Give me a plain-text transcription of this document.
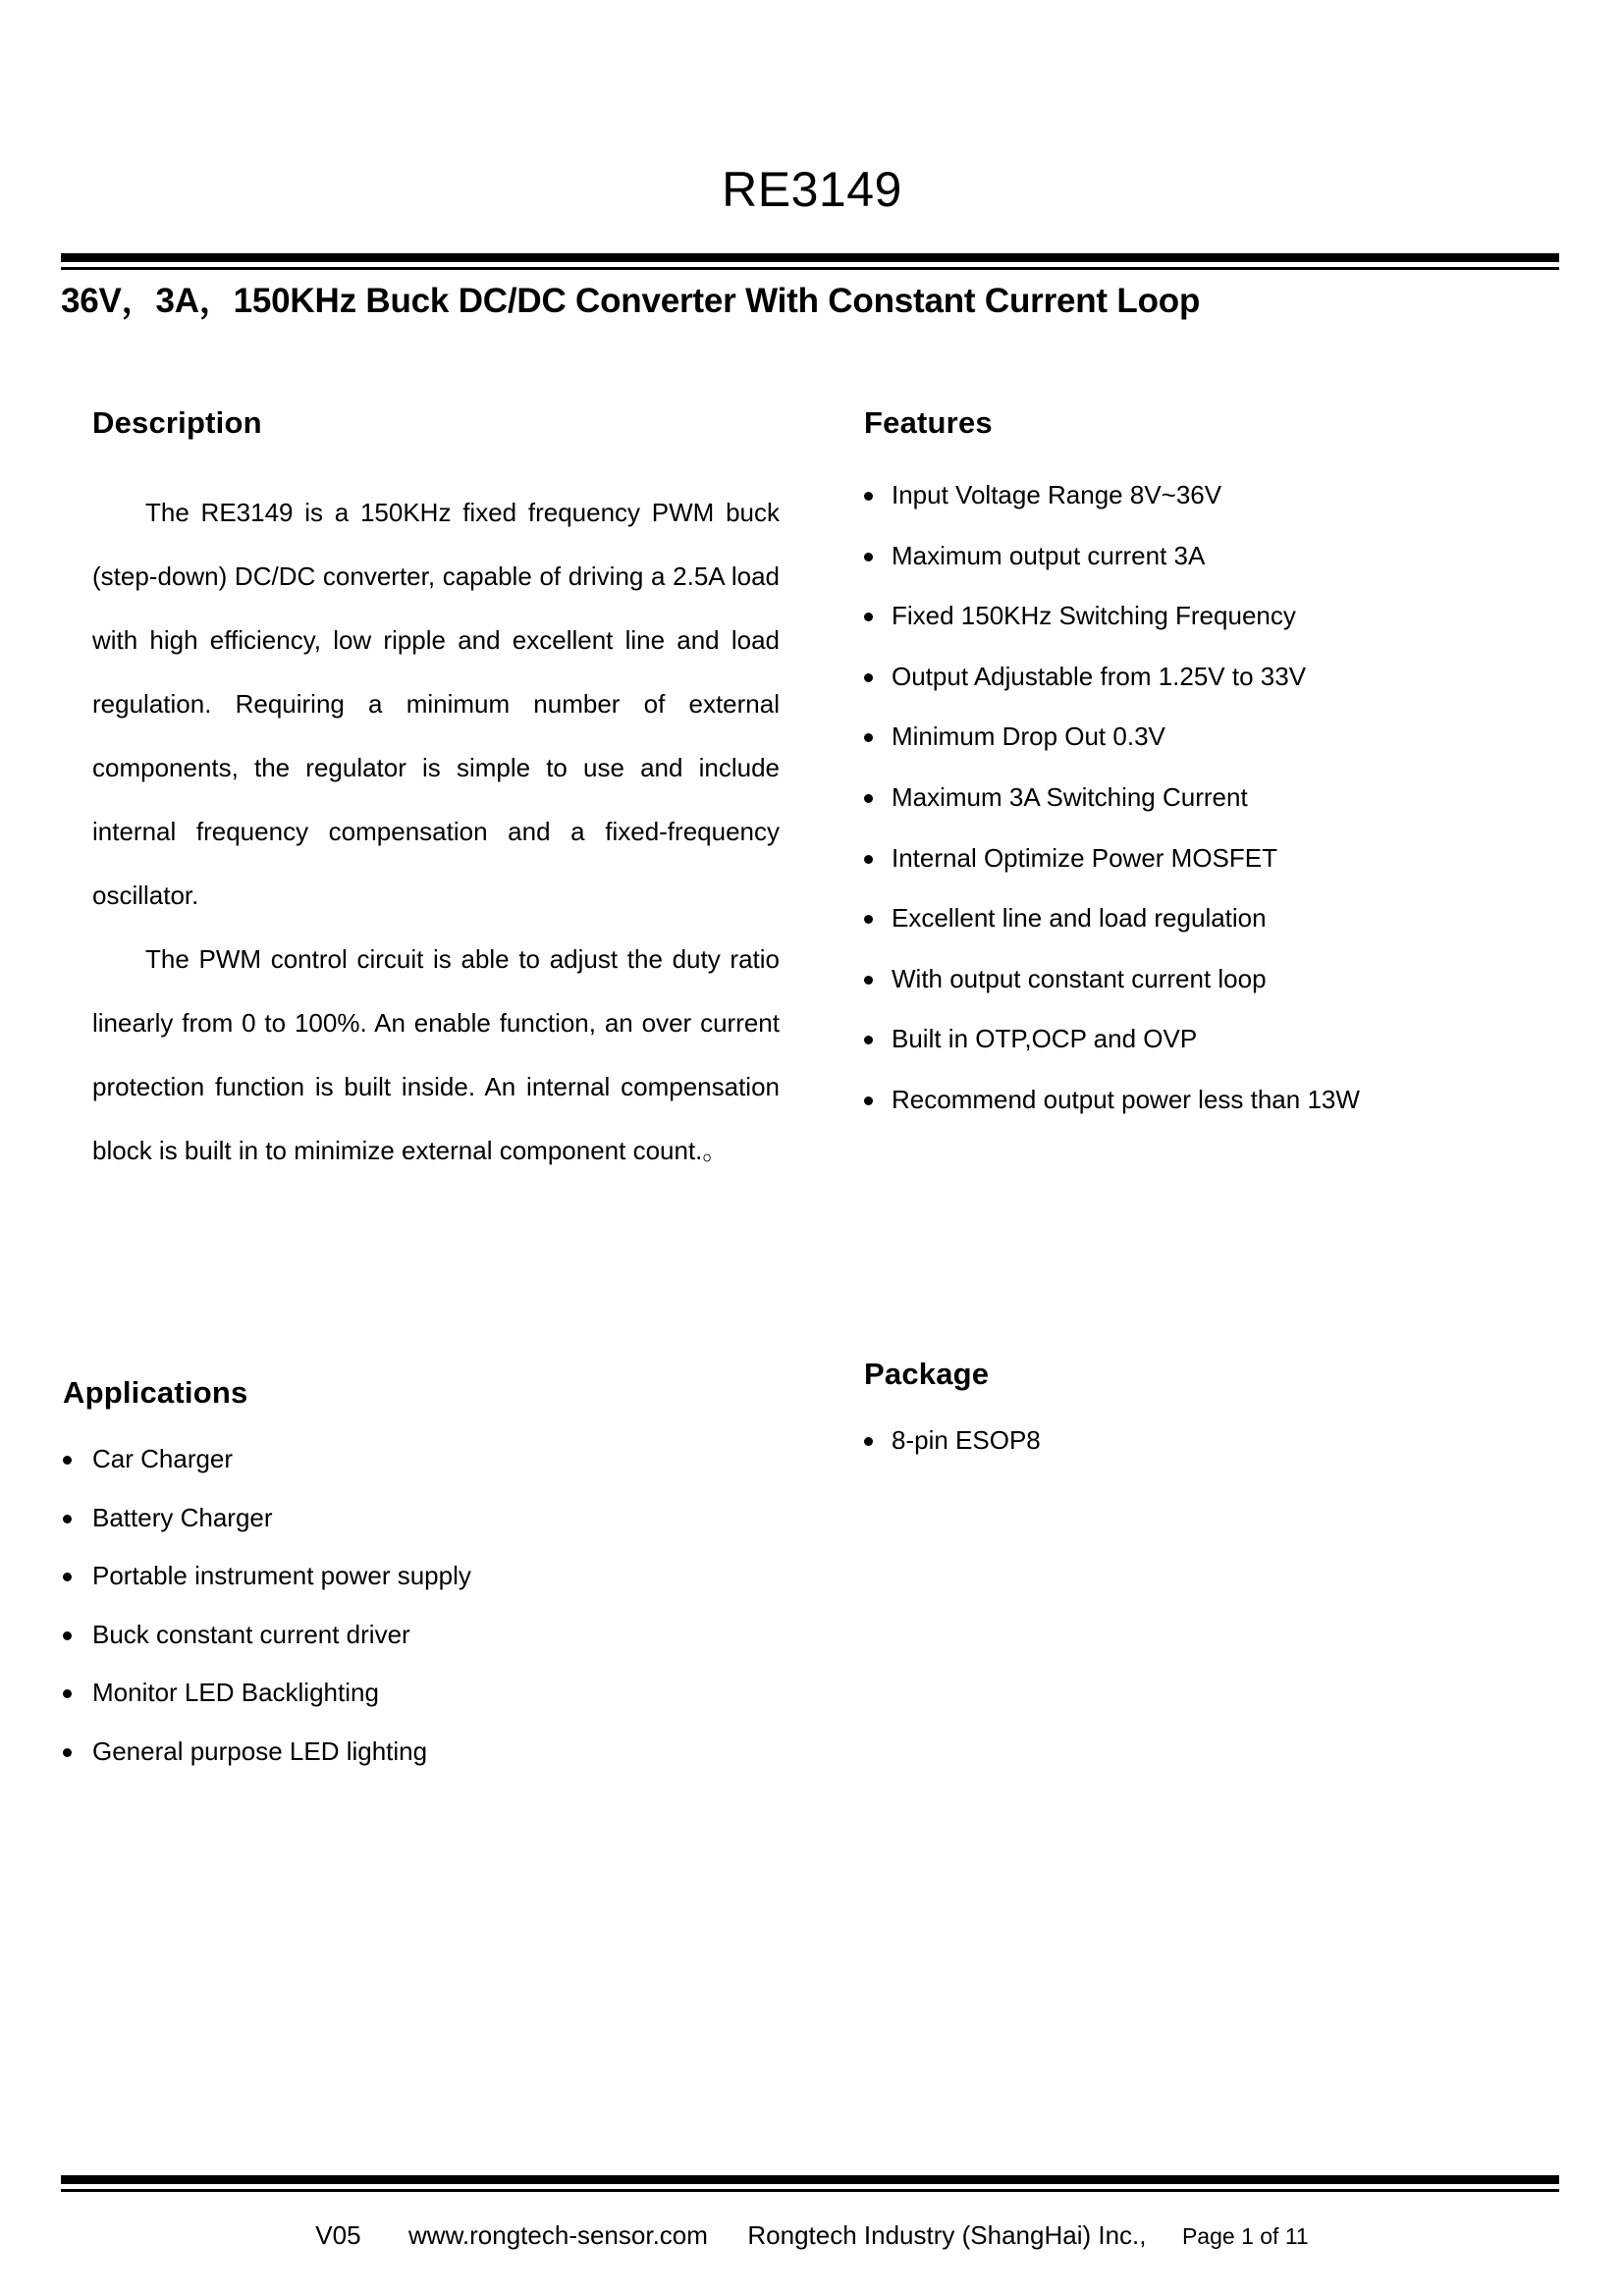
RE3149
36V，3A，150KHz Buck DC/DC Converter With Constant Current Loop
Description

The RE3149 is a 150KHz fixed frequency PWM buck (step-down) DC/DC converter, capable of driving a 2.5A load with high efficiency, low ripple and excellent line and load regulation. Requiring a minimum number of external components, the regulator is simple to use and include internal frequency compensation and a fixed-frequency oscillator.

The PWM control circuit is able to adjust the duty ratio linearly from 0 to 100%. An enable function, an over current protection function is built inside. An internal compensation block is built in to minimize external component count.。

Features
Input Voltage Range 8V~36V
Maximum output current 3A
Fixed 150KHz Switching Frequency
Output Adjustable from 1.25V to 33V
Minimum Drop Out 0.3V
Maximum 3A Switching Current
Internal Optimize Power MOSFET
Excellent line and load regulation
With output constant current loop
Built in OTP,OCP and OVP
Recommend output power less than 13W
Applications
Car Charger
Battery Charger
Portable instrument power supply
Buck constant current driver
Monitor LED Backlighting
General purpose LED lighting
Package
8-pin ESOP8
V05 www.rongtech-sensor.com Rongtech Industry (ShangHai) Inc., Page 1 of 11
